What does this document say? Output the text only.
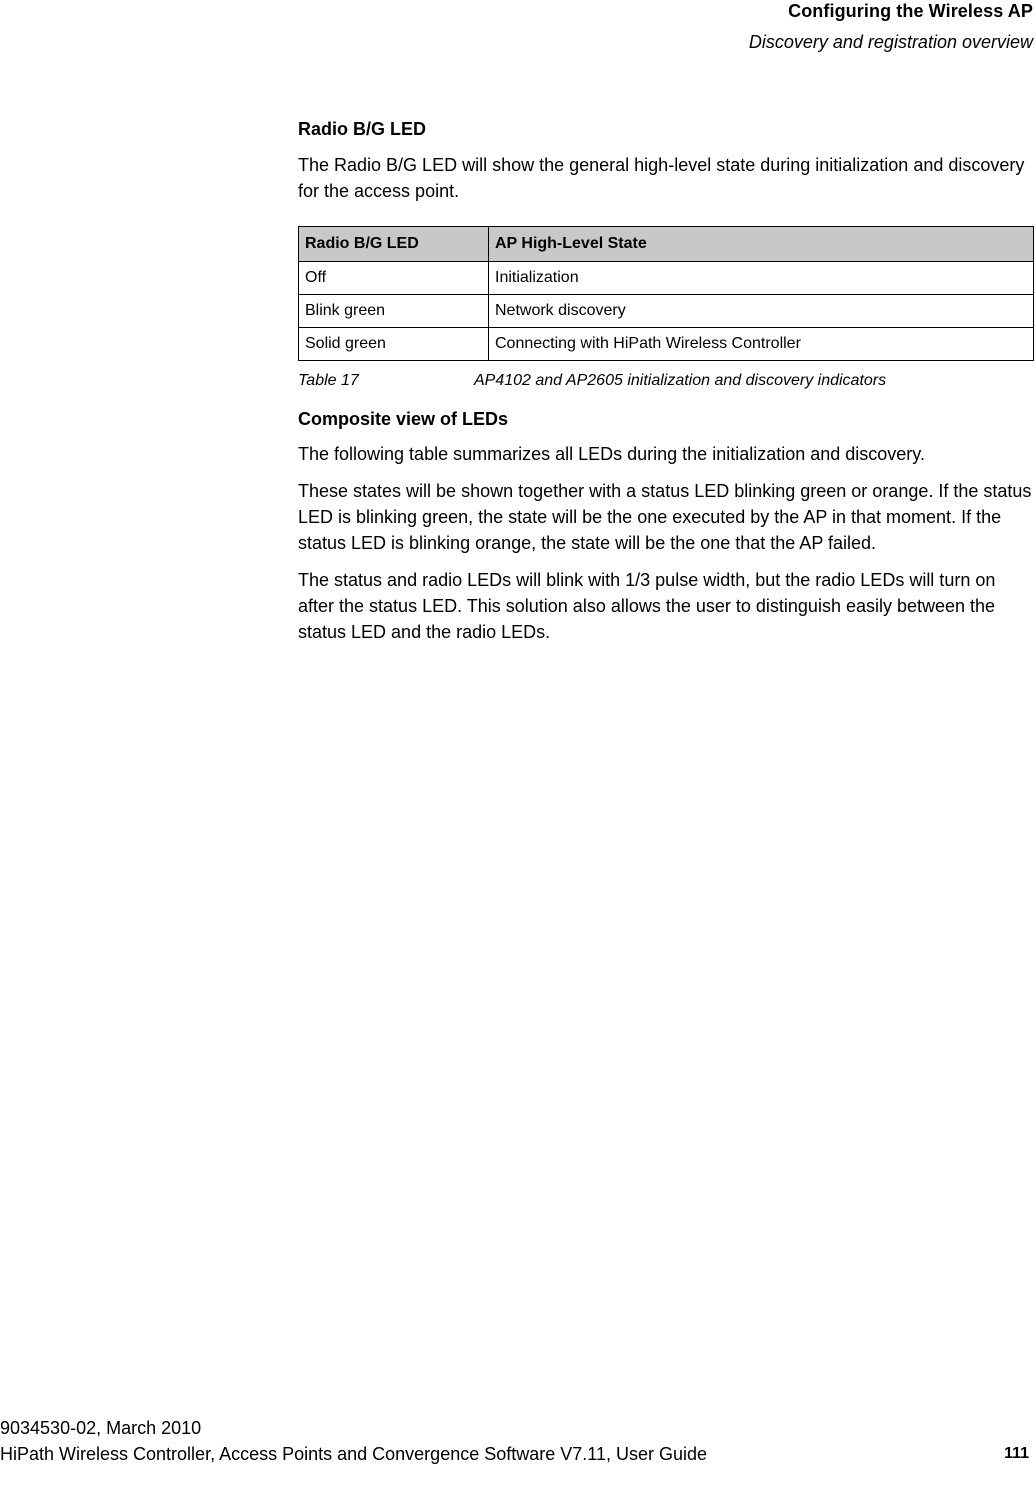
Configuring the Wireless AP
Discovery and registration overview
Radio B/G LED

The Radio B/G LED will show the general high-level state during initialization and discovery for the access point.

Radio B/G LED	AP High-Level State
Off	Initialization
Blink green	Network discovery
Solid green	Connecting with HiPath Wireless Controller
Table 17	AP4102 and AP2605 initialization and discovery indicators
Composite view of LEDs

The following table summarizes all LEDs during the initialization and discovery.

These states will be shown together with a status LED blinking green or orange. If the status LED is blinking green, the state will be the one executed by the AP in that moment. If the status LED is blinking orange, the state will be the one that the AP failed.

The status and radio LEDs will blink with 1/3 pulse width, but the radio LEDs will turn on after the status LED. This solution also allows the user to distinguish easily between the status LED and the radio LEDs.

9034530-02, March 2010
HiPath Wireless Controller, Access Points and Convergence Software V7.11, User Guide	111
